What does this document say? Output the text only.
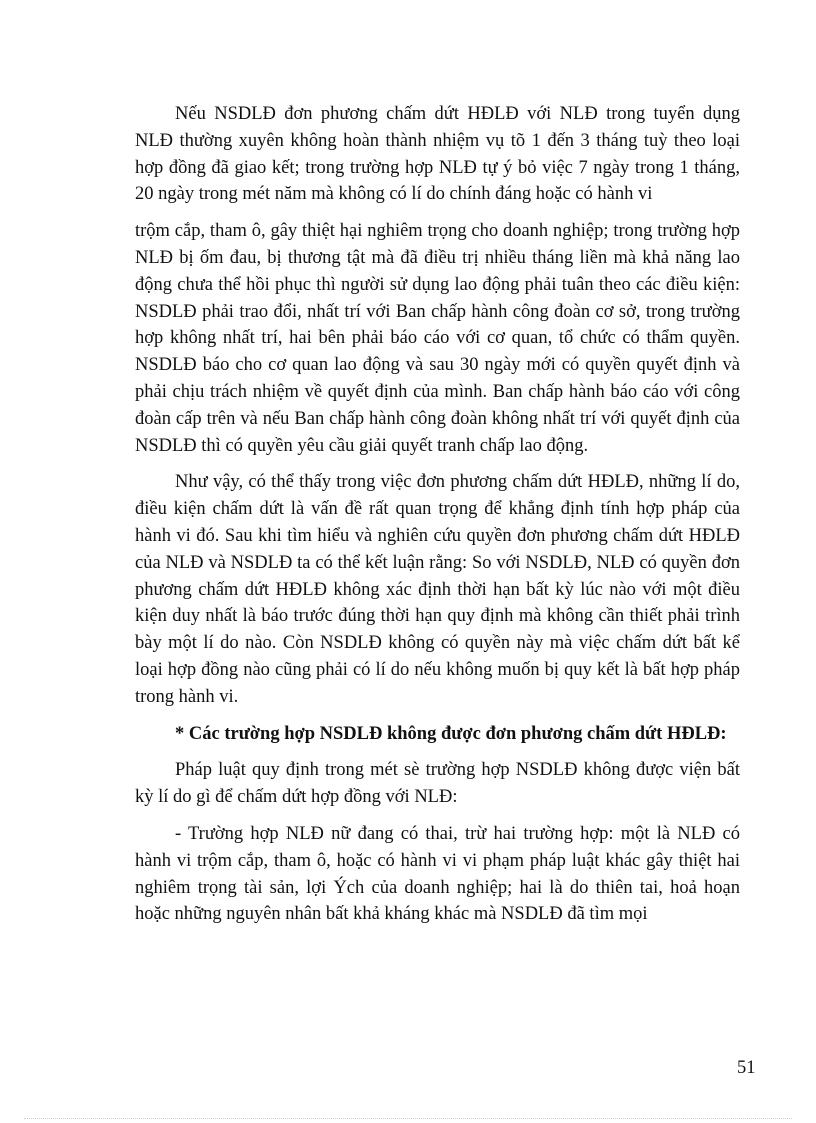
Nếu NSDLĐ đơn phương chấm dứt HĐLĐ với NLĐ trong tuyển dụng NLĐ thường xuyên không hoàn thành nhiệm vụ tõ 1 đến 3 tháng tuỳ theo loại hợp đồng đã giao kết; trong trường hợp NLĐ tự ý bỏ việc 7 ngày trong 1 tháng, 20 ngày trong mét năm mà không có lí do chính đáng hoặc có hành vi

trộm cắp, tham ô, gây thiệt hại nghiêm trọng cho doanh nghiệp; trong trường hợp NLĐ bị ốm đau, bị thương tật mà đã điều trị nhiều tháng liền mà khả năng lao động chưa thể hồi phục thì người sử dụng lao động phải tuân theo các điều kiện: NSDLĐ phải trao đổi, nhất trí với Ban chấp hành công đoàn cơ sở, trong trường hợp không nhất trí, hai bên phải báo cáo với cơ quan, tổ chức có thẩm quyền. NSDLĐ báo cho cơ quan lao động và sau 30 ngày mới có quyền quyết định và phải chịu trách nhiệm về quyết định của mình. Ban chấp hành báo cáo với công đoàn cấp trên và nếu Ban chấp hành công đoàn không nhất trí với quyết định của NSDLĐ thì có quyền yêu cầu giải quyết tranh chấp lao động.

Như vậy, có thể thấy trong việc đơn phương chấm dứt HĐLĐ, những lí do, điều kiện chấm dứt là vấn đề rất quan trọng để khẳng định tính hợp pháp của hành vi đó. Sau khi tìm hiểu và nghiên cứu quyền đơn phương chấm dứt HĐLĐ của NLĐ và NSDLĐ ta có thể kết luận rằng: So với NSDLĐ, NLĐ có quyền đơn phương chấm dứt HĐLĐ không xác định thời hạn bất kỳ lúc nào với một điều kiện duy nhất là báo trước đúng thời hạn quy định mà không cần thiết phải trình bày một lí do nào. Còn NSDLĐ không có quyền này mà việc chấm dứt bất kể loại hợp đồng nào cũng phải có lí do nếu không muốn bị quy kết là bất hợp pháp trong hành vi.

* Các trường hợp NSDLĐ không được đơn phương chấm dứt HĐLĐ:

Pháp luật quy định trong mét sè trường hợp NSDLĐ không được viện bất kỳ lí do gì để chấm dứt hợp đồng với NLĐ:

- Trường hợp NLĐ nữ đang có thai, trừ hai trường hợp: một là NLĐ có hành vi trộm cắp, tham ô, hoặc có hành vi vi phạm pháp luật khác gây thiệt hai nghiêm trọng tài sản, lợi Ých của doanh nghiệp; hai là do thiên tai, hoả hoạn hoặc những nguyên nhân bất khả kháng khác mà NSDLĐ đã tìm mọi

51
